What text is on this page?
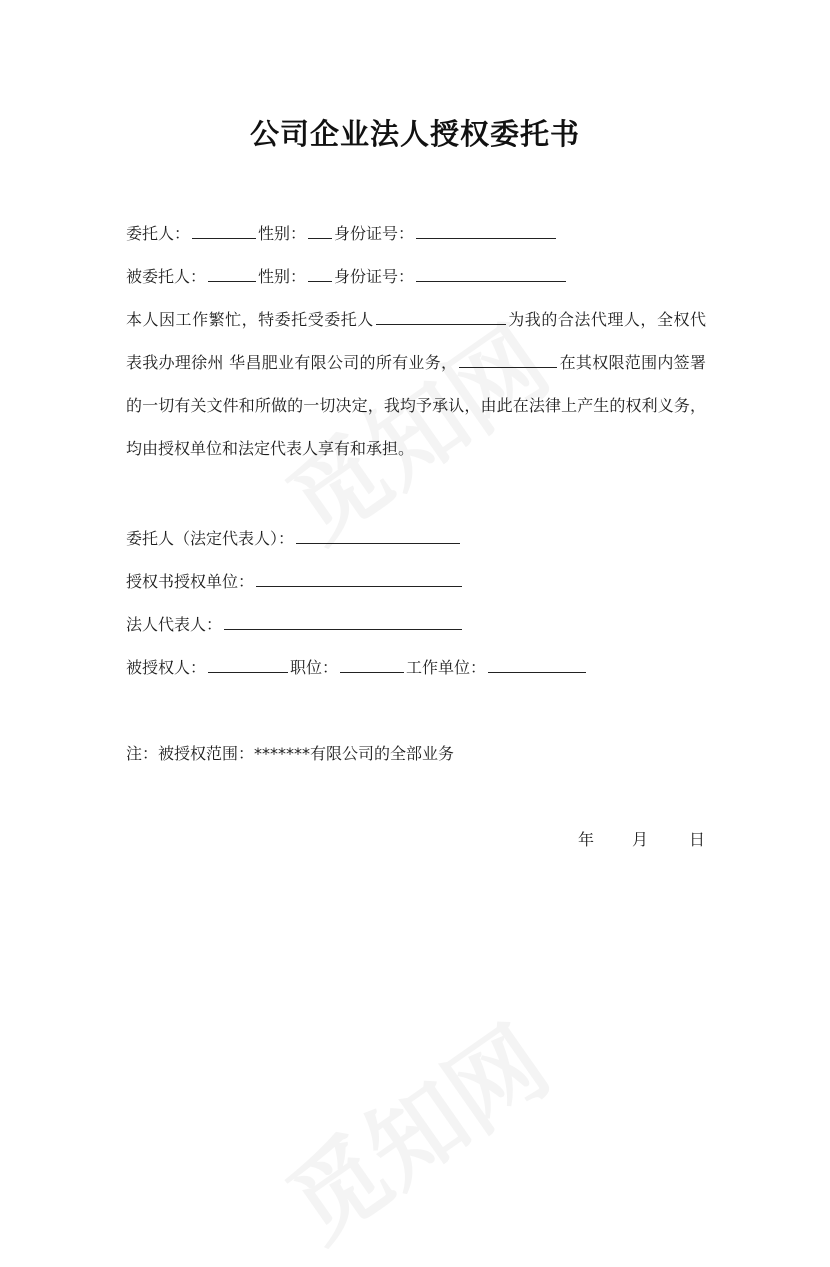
公司企业法人授权委托书
委托人：	性别： 身份证号：
被委托人：	性别： 身份证号：
本人因工作繁忙，特委托受委托人	为我的合法代理人，全权代表我办理徐州 华昌肥业有限公司的所有业务，	在其权限范围内签署的一切有关文件和所做的一切决定，我均予承认，由此在法律上产生的权利义务，均由授权单位和法定代表人享有和承担。
委托人（法定代表人）：
授权书授权单位：
法人代表人：
被授权人：	职位：	工作单位：
注：被授权范围：*******有限公司的全部业务
年 月	日
